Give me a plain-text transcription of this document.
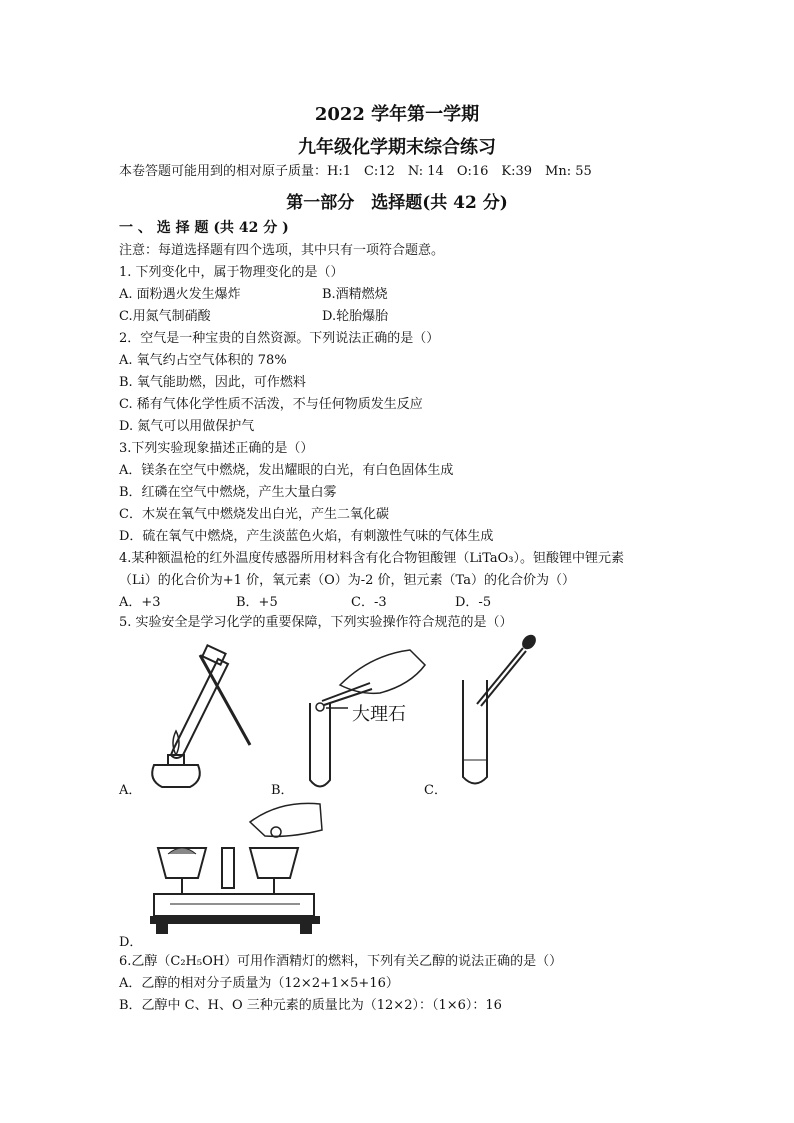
2022 学年第一学期
九年级化学期末综合练习
本卷答题可能用到的相对原子质量：H:1　C:12　N: 14　O:16　K:39　Mn: 55
第一部分　选择题(共 42 分)
一 、 选 择 题 (共 42 分 )
注意：每道选择题有四个选项，其中只有一项符合题意。
1. 下列变化中，属于物理变化的是（）
A. 面粉遇火发生爆炸	B.酒精燃烧
C.用氮气制硝酸	D.轮胎爆胎
2．空气是一种宝贵的自然资源。下列说法正确的是（）
A. 氧气约占空气体积的 78%
B. 氧气能助燃，因此，可作燃料
C. 稀有气体化学性质不活泼，不与任何物质发生反应
D. 氮气可以用做保护气
3.下列实验现象描述正确的是（）
A．镁条在空气中燃烧，发出耀眼的白光，有白色固体生成
B．红磷在空气中燃烧，产生大量白雾
C．木炭在氧气中燃烧发出白光，产生二氧化碳
D．硫在氧气中燃烧，产生淡蓝色火焰，有刺激性气味的气体生成
4.某种额温枪的红外温度传感器所用材料含有化合物钽酸锂（LiTaO₃）。钽酸锂中锂元素
（Li）的化合价为+1 价，氧元素（O）为-2 价，钽元素（Ta）的化合价为（）
A．+3	B．+5	C．-3	D．-5
5. 实验安全是学习化学的重要保障，下列实验操作符合规范的是（）
A．
大理石
B．	C．
D．
6.乙醇（C₂H₅OH）可用作酒精灯的燃料，下列有关乙醇的说法正确的是（）
A．乙醇的相对分子质量为（12×2+1×5+16）
B．乙醇中 C、H、O 三种元素的质量比为（12×2）：（1×6）：16
